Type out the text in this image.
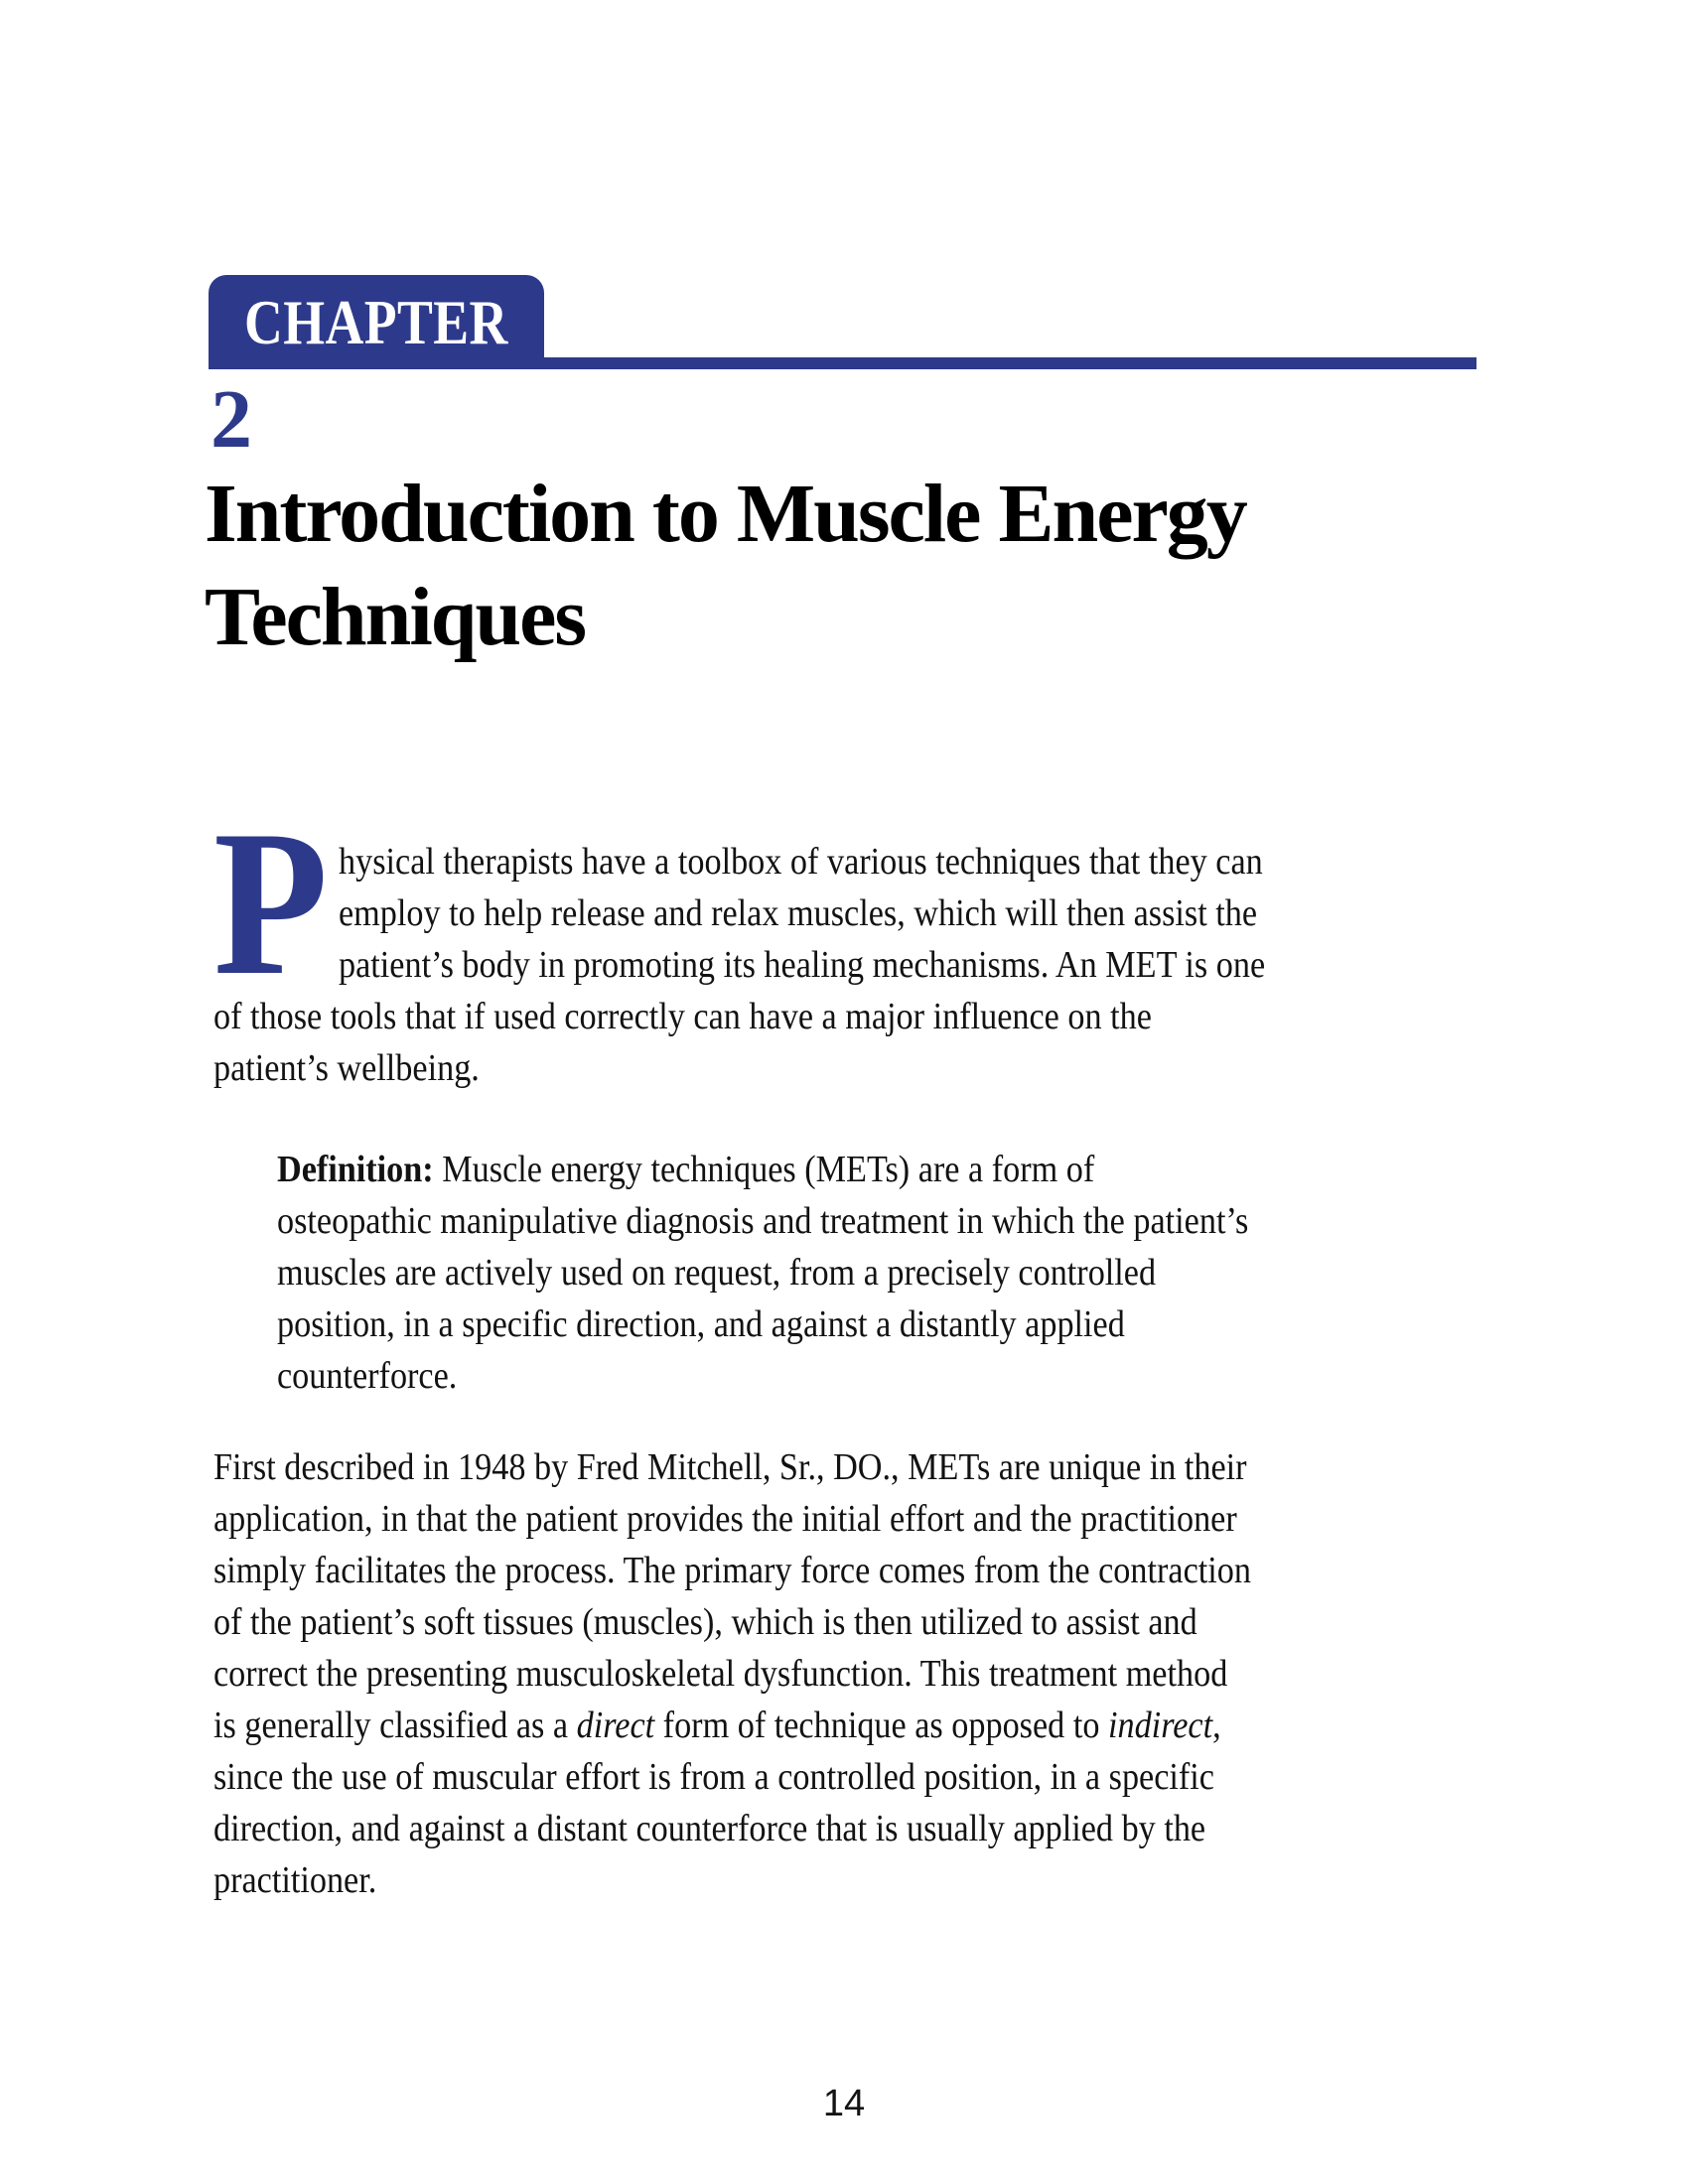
CHAPTER
2
Introduction to Muscle Energy
Techniques
P hysical therapists have a toolbox of various techniques that they can
employ to help release and relax muscles, which will then assist the
patient’s body in promoting its healing mechanisms. An MET is one
of those tools that if used correctly can have a major influence on the
patient’s wellbeing.
Definition: Muscle energy techniques (METs) are a form of
osteopathic manipulative diagnosis and treatment in which the patient’s
muscles are actively used on request, from a precisely controlled
position, in a specific direction, and against a distantly applied
counterforce.
First described in 1948 by Fred Mitchell, Sr., DO., METs are unique in their
application, in that the patient provides the initial effort and the practitioner
simply facilitates the process. The primary force comes from the contraction
of the patient’s soft tissues (muscles), which is then utilized to assist and
correct the presenting musculoskeletal dysfunction. This treatment method
is generally classified as a direct form of technique as opposed to indirect,
since the use of muscular effort is from a controlled position, in a specific
direction, and against a distant counterforce that is usually applied by the
practitioner.
14
